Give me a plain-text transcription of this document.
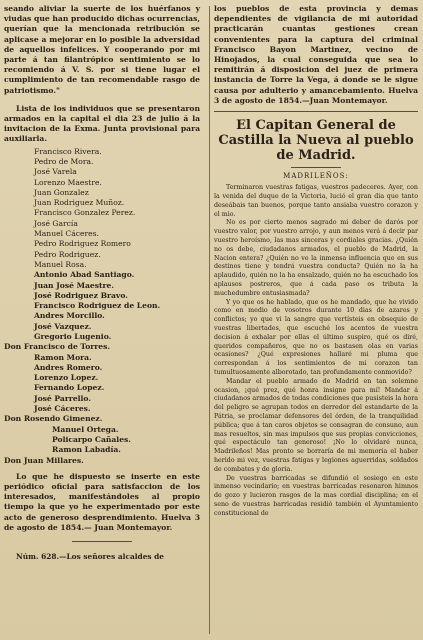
seando aliviar la suerte de los huérfanos y viudas que han producido dichas ocurrencias, querían que la mencionada retribución se aplicase a mejorar en lo posible la adversidad de aquellos infelices. Y cooperando por mi parte á tan filantrópico sentimiento se lo recomiendo á V. S. por si tiene lugar el cumplimiento de tan recomendable rasgo de patriotismo."

Lista de los individuos que se presentaron armados en la capital el dia 23 de julio á la invitacion de la Exma. Junta provisional para auxiliarla.

Francisco Rivera.
Pedro de Mora.
José Varela
Lorenzo Maestre.
Juan Gonzalez
Juan Rodriguez Muñoz.
Francisco Gonzalez Perez.
José García
Manuel Cáceres.
Pedro Rodriguez Romero
Pedro Rodriguez.
Manuel Rosa.
Antonio Abad Santiago.
Juan José Maestre.
José Rodriguez Bravo.
Francisco Rodriguez de Leon.
Andres Morcillo.
José Vazquez.
Gregorio Lugenio.
Don Francisco de Torres.
Ramon Mora.
Andres Romero.
Lorenzo Lopez.
Fernando Lopez.
José Parrello.
José Cáceres.
Don Rosendo Gimenez.
Manuel Ortega.
Policarpo Cañales.
Ramon Labadía.
Don Juan Millares.

Lo que he dispuesto se inserte en este periódico oficial para satisfaccion de los interesados, manifestándoles al propio tiempo la que yo he experimentado por este acto de generoso desprendimiento. Huelva 3 de agosto de 1854.— Juan Montemayor.

Núm. 628.—Los señores alcaldes de

los pueblos de esta provincia y demas dependientes de vigilancia de mi autoridad practicarán cuantas gestiones crean convenientes para la captura del criminal Francisco Bayon Martinez, vecino de Hinojados, la cual conseguida que sea lo remitirán á disposicion del juez de primera instancia de Torre la Vega, á donde se le sigue causa por adulterio y amancebamiento. Huelva 3 de agosto de 1854.—Juan Montemayor.

El Capitan General de Castilla la Nueva al pueblo de Madrid.
MADRILEÑOS:

Terminaron vuestras fatigas, vuestros padeceres. Ayer, con la venida del duque de la Victoria, lució el gran dia que tanto deseábais tan buenos, porque tanto ansiaba vuestro corazon y el mio.

No es por cierto menos sagrado mi deber de darós por vuestro valor, por vuestro arrojo, y aun menos verá á decir par vuestro heroísmo, las mas sinceras y cordiales gracias. ¿Quién no os debe, ciudadanos armados, el pueblo de Madrid, la Nacion entera? ¿Quién no ve la inmensa influencia que en sus destinos tiene y tendrá vuestra conducta? Quién no la ha aplaudido, quién no la ha ensalzado, quién no ha escuchado los aplausos postreros, que á cada paso os tributa la muchedumbre entusiasmada?

Y yo que os he hablado, que os he mandado, que he vivido como en medio de vosotros durante 10 dias de azares y conflictos; yo que vi la sangre que vertísteis en obsequio de vuestras libertades, que escuché los acentos de vuestra decision á exhalar por ellas el último suspiro, qué os diré, queridos compañeros, que no os bastasen olas en varias ocasiones? ¿Qué expresiones hallaré mi pluma que correspondan á los sentimientos de mi corazon tan tumultuosamente alborotado, tan profundamente conmovido?

Mandar el pueblo armado de Madrid en tan solemne ocasion, ¡qué prez, qué honra insigne para mí! Mandar á ciudadanos armados de todas condiciones que pusisteis la hora del peligro se agrupan todos en derredor del estandarte de la Pátria, se proclamar defensores del órden, de la tranquilidad pública; que á tan caros objetos se consagran de consuno, aun mas resueltos, sin mas impulsos que sus propias convicciones, qué espectáculo tan generoso! ¡No lo olvidaré nunca, Madrileños! Mas pronto se borraría de mi memoria el haber herido mi vez, vuestras fatigas y legiones aguerridas, soldados de combates y de gloria.

De vuestras barricadas se difundió el sosiego en este inmenso vecindario; en vuestras barricadas resonaron himnos de gozo y lucieron rasgos de la mas cordial disciplina; en el seno de vuestras barricadas residió también el Ayuntamiento constitucional de
